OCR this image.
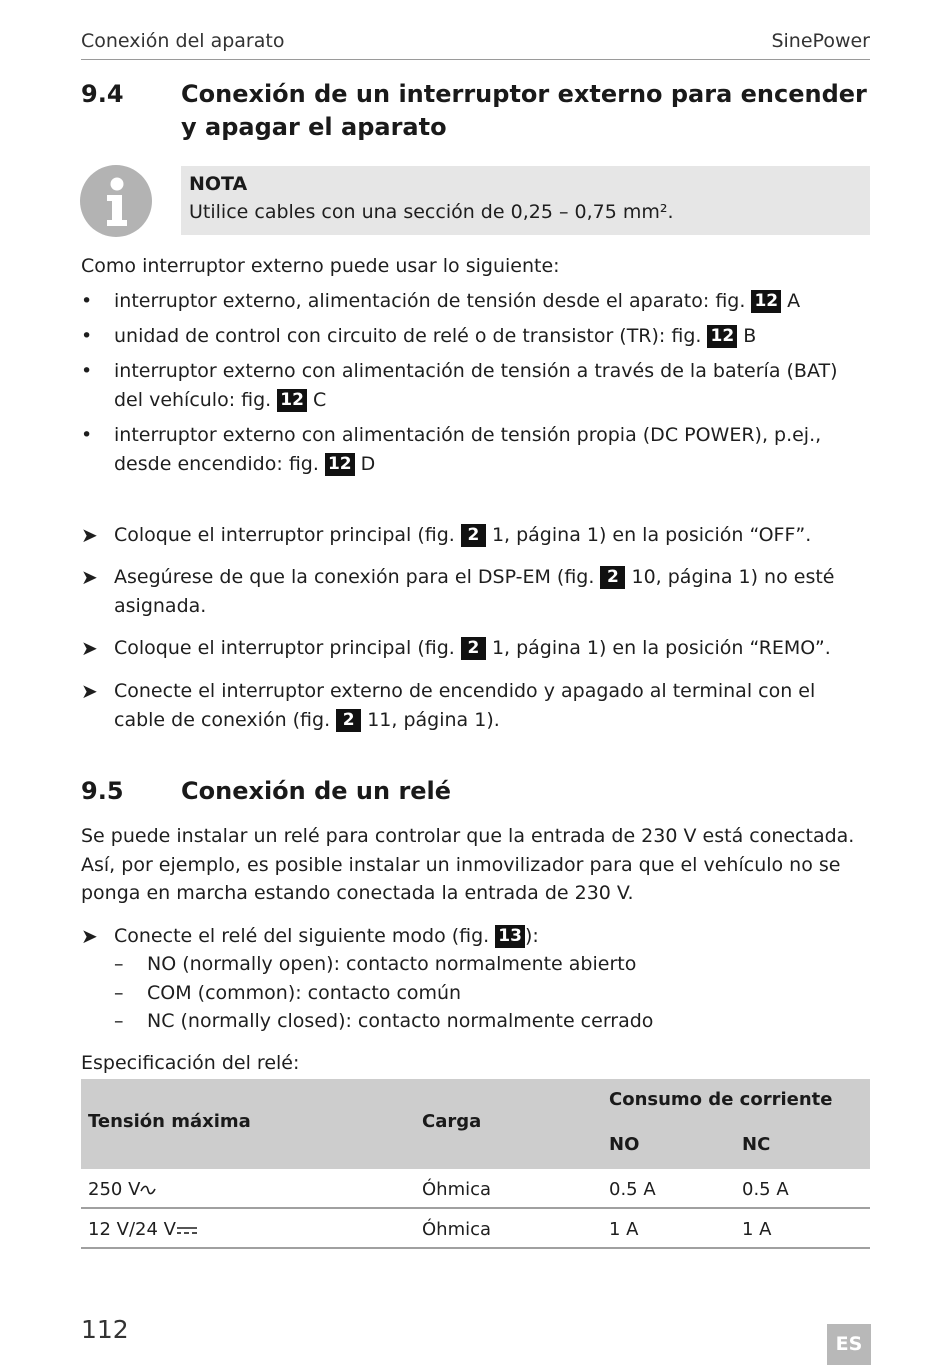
Conexión del aparato	SinePower
9.4 Conexión de un interruptor externo para encender y apagar el aparato
NOTA
Utilice cables con una sección de 0,25 – 0,75 mm².
Como interruptor externo puede usar lo siguiente:
• interruptor externo, alimentación de tensión desde el aparato: fig. 12 A
• unidad de control con circuito de relé o de transistor (TR): fig. 12 B
• interruptor externo con alimentación de tensión a través de la batería (BAT) del vehículo: fig. 12 C
• interruptor externo con alimentación de tensión propia (DC POWER), p.ej., desde encendido: fig. 12 D
➤ Coloque el interruptor principal (fig. 2 1, página 1) en la posición “OFF”.
➤ Asegúrese de que la conexión para el DSP-EM (fig. 2 10, página 1) no esté asignada.
➤ Coloque el interruptor principal (fig. 2 1, página 1) en la posición “REMO”.
➤ Conecte el interruptor externo de encendido y apagado al terminal con el cable de conexión (fig. 2 11, página 1).
9.5 Conexión de un relé
Se puede instalar un relé para controlar que la entrada de 230 V está conectada. Así, por ejemplo, es posible instalar un inmovilizador para que el vehículo no se ponga en marcha estando conectada la entrada de 230 V.
➤ Conecte el relé del siguiente modo (fig. 13 ):
– NO (normally open): contacto normalmente abierto
– COM (common): contacto común
– NC (normally closed): contacto normalmente cerrado
Especificación del relé:
Tensión máxima	Carga
Consumo de corriente
NO	NC
250 V	Óhmica	0.5 A	0.5 A
12 V/24 V	Óhmica	1 A	1 A
112	ES
